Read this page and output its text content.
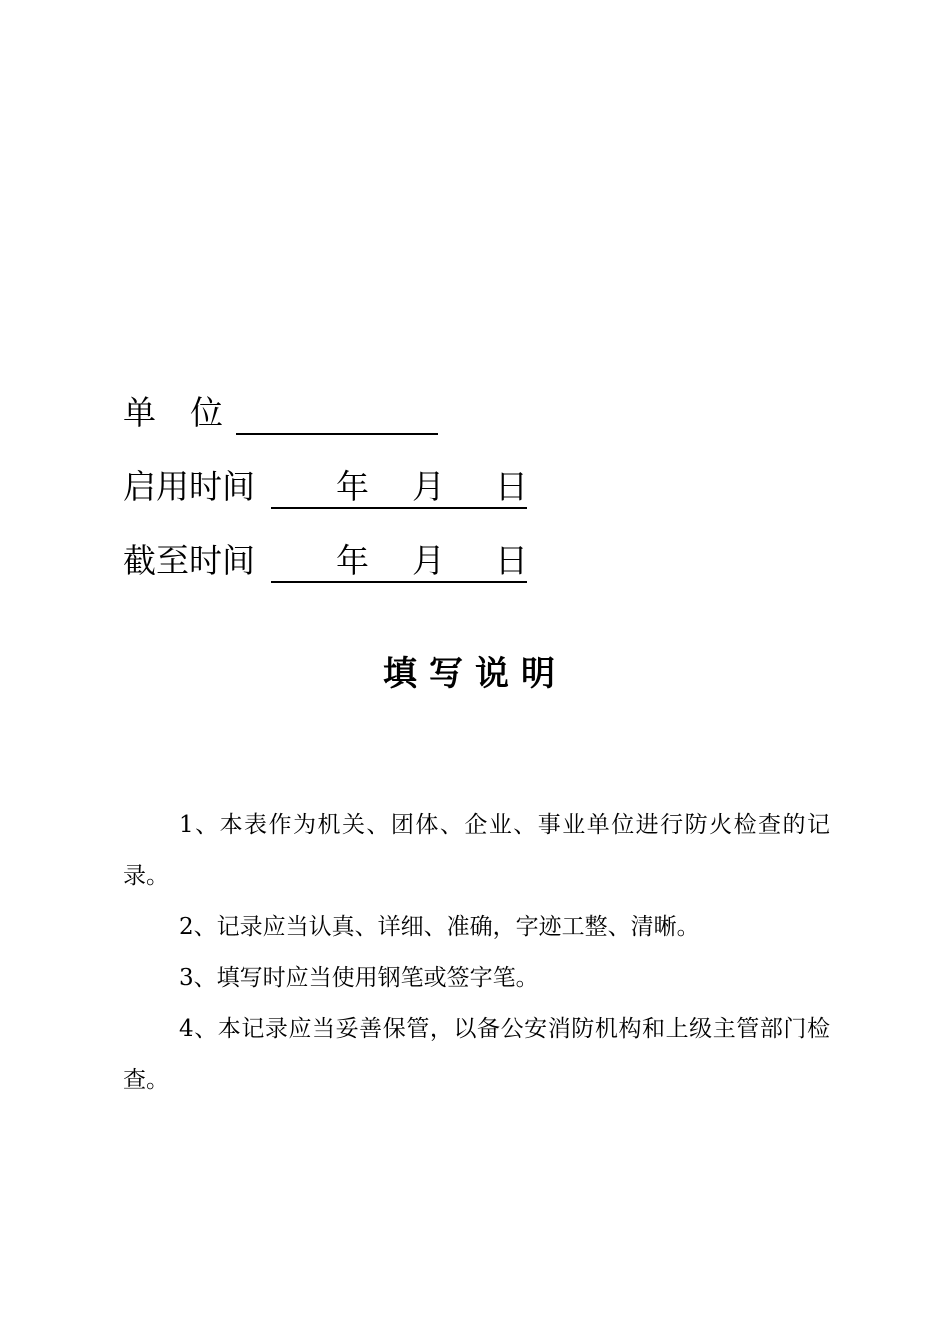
单位
启用时间 年 月 日
截至时间 年 月 日
填写说明

1、本表作为机关、团体、企业、事业单位进行防火检查的记录。

2、记录应当认真、详细、准确，字迹工整、清晰。

3、填写时应当使用钢笔或签字笔。

4、本记录应当妥善保管，以备公安消防机构和上级主管部门检查。
